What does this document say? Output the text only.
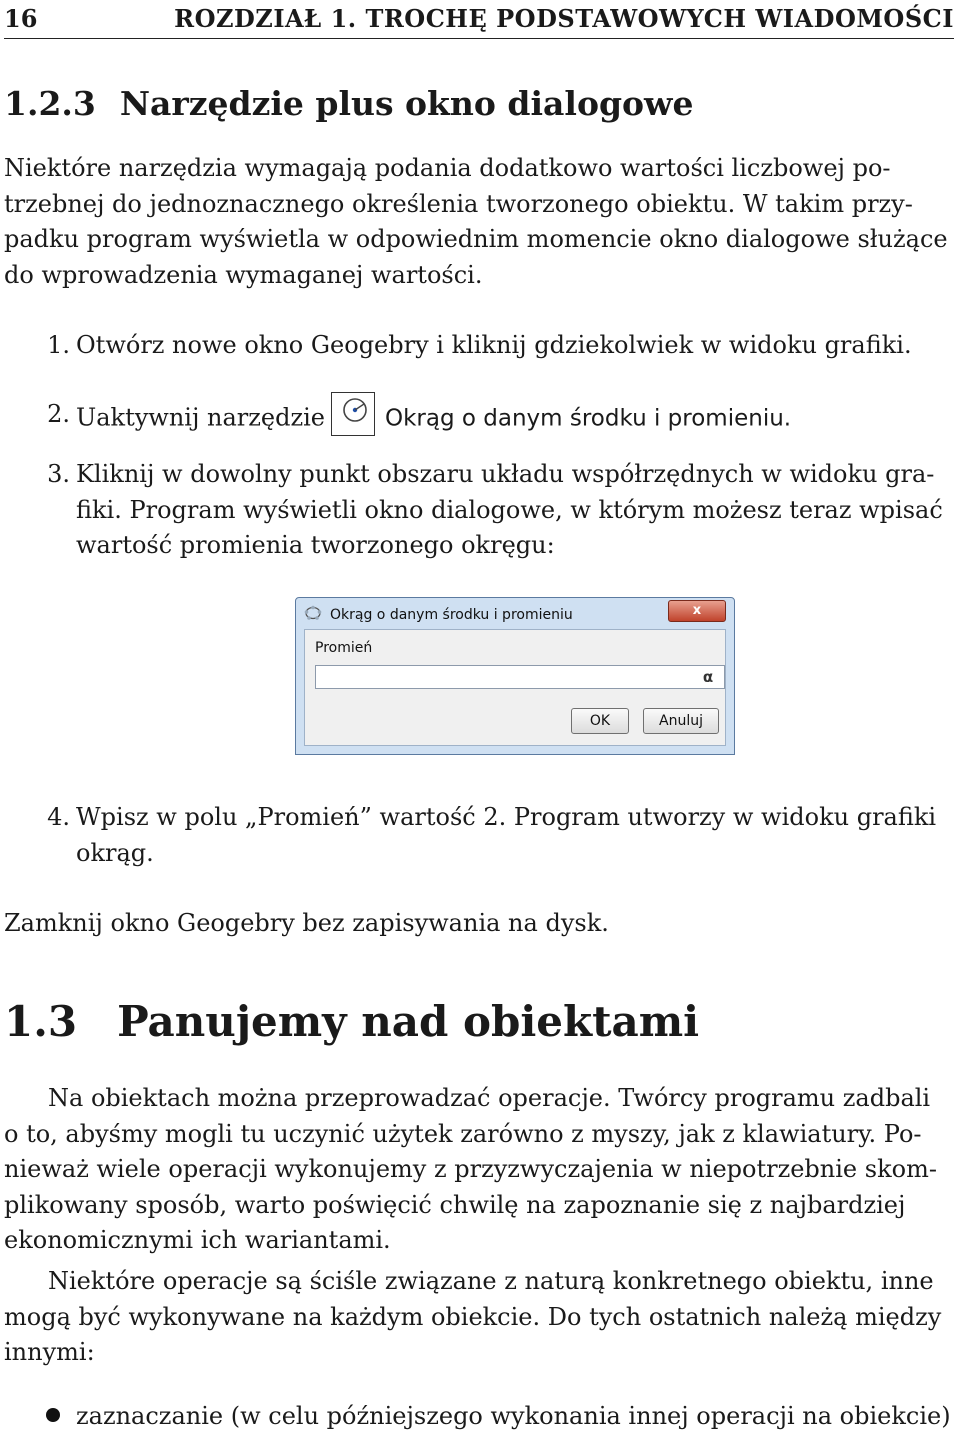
16	ROZDZIAŁ 1. TROCHĘ PODSTAWOWYCH WIADOMOŚCI
1.2.3 Narzędzie plus okno dialogowe
Niektóre narzędzia wymagają podania dodatkowo wartości liczbowej po-
trzebnej do jednoznacznego określenia tworzonego obiektu. W takim przy-
padku program wyświetla w odpowiednim momencie okno dialogowe służące
do wprowadzenia wymaganej wartości.
1. Otwórz nowe okno Geogebry i kliknij gdziekolwiek w widoku grafiki.
2. Uaktywnij narzędzie	Okrąg o danym środku i promieniu.
3. Kliknij w dowolny punkt obszaru układu współrzędnych w widoku gra-
fiki. Program wyświetli okno dialogowe, w którym możesz teraz wpisać
wartość promienia tworzonego okręgu:
Okrąg o danym środku i promieniu	x
Promień
α
OK	Anuluj
4. Wpisz w polu „Promień” wartość 2. Program utworzy w widoku grafiki
okrąg.
Zamknij okno Geogebry bez zapisywania na dysk.
1.3 Panujemy nad obiektami
Na obiektach można przeprowadzać operacje. Twórcy programu zadbali
o to, abyśmy mogli tu uczynić użytek zarówno z myszy, jak z klawiatury. Po-
nieważ wiele operacji wykonujemy z przyzwyczajenia w niepotrzebnie skom-
plikowany sposób, warto poświęcić chwilę na zapoznanie się z najbardziej
ekonomicznymi ich wariantami.
Niektóre operacje są ściśle związane z naturą konkretnego obiektu, inne
mogą być wykonywane na każdym obiekcie. Do tych ostatnich należą między
innymi:
zaznaczanie (w celu późniejszego wykonania innej operacji na obiekcie)
